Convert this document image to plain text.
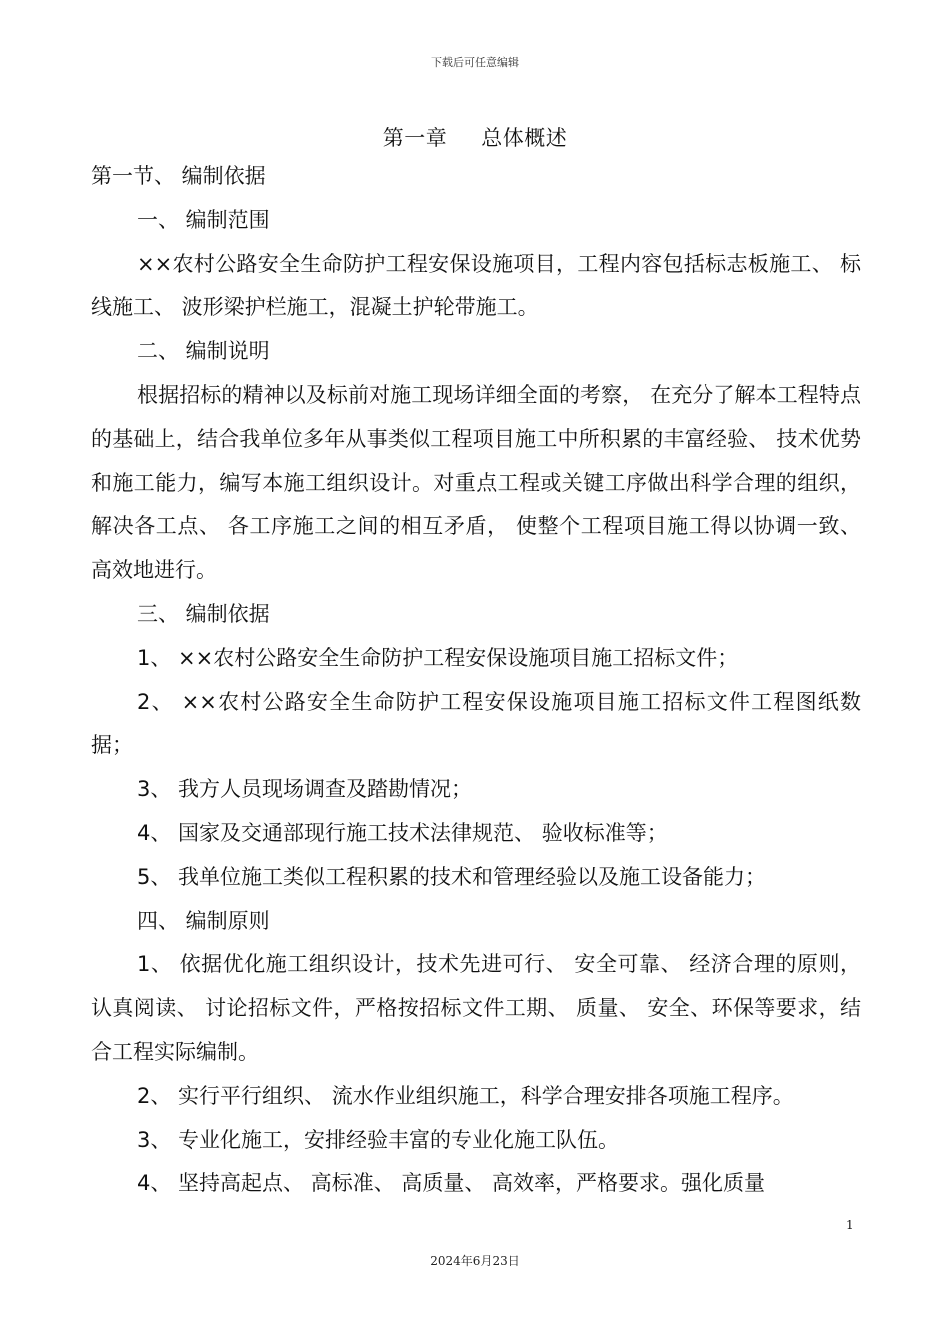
下载后可任意编辑
第一章 总体概述

第一节、 编制依据

一、 编制范围

××农村公路安全生命防护工程安保设施项目，工程内容包括标志板施工、 标线施工、 波形梁护栏施工，混凝土护轮带施工。

二、 编制说明

根据招标的精神以及标前对施工现场详细全面的考察， 在充分了解本工程特点的基础上，结合我单位多年从事类似工程项目施工中所积累的丰富经验、 技术优势和施工能力，编写本施工组织设计。对重点工程或关键工序做出科学合理的组织， 解决各工点、 各工序施工之间的相互矛盾， 使整个工程项目施工得以协调一致、 高效地进行。

三、 编制依据

1、 ××农村公路安全生命防护工程安保设施项目施工招标文件；

2、 ××农村公路安全生命防护工程安保设施项目施工招标文件工程图纸数据；

3、 我方人员现场调查及踏勘情况；

4、 国家及交通部现行施工技术法律规范、 验收标准等；

5、 我单位施工类似工程积累的技术和管理经验以及施工设备能力；

四、 编制原则

1、 依据优化施工组织设计，技术先进可行、 安全可靠、 经济合理的原则，认真阅读、 讨论招标文件，严格按招标文件工期、 质量、 安全、环保等要求，结合工程实际编制。

2、 实行平行组织、 流水作业组织施工，科学合理安排各项施工程序。

3、 专业化施工，安排经验丰富的专业化施工队伍。

4、 坚持高起点、 高标准、 高质量、 高效率，严格要求。强化质量

1
2024年6月23日
